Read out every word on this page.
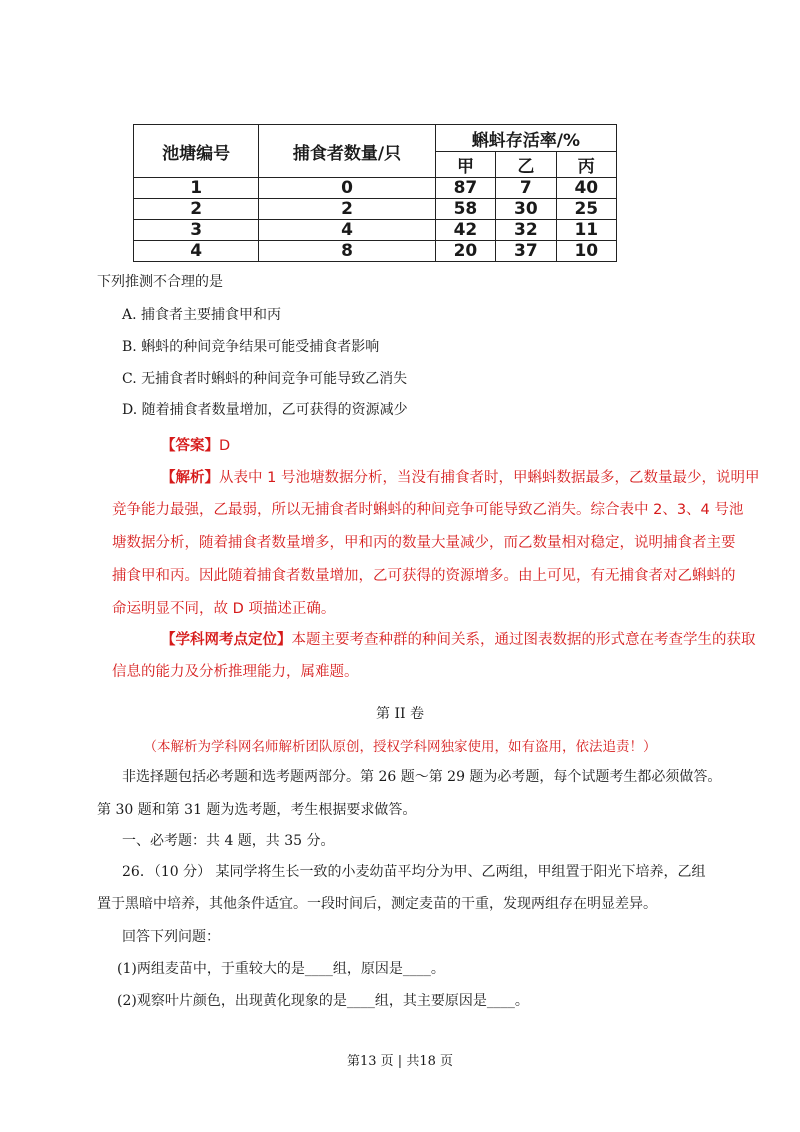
池塘编号	捕食者数量/只	蝌蚪存活率/%		
		甲	乙	丙
1	0	87	7	40
2	2	58	30	25
3	4	42	32	11
4	8	20	37	10
下列推测不合理的是
A. 捕食者主要捕食甲和丙
B. 蝌蚪的种间竞争结果可能受捕食者影响
C. 无捕食者时蝌蚪的种间竞争可能导致乙消失
D. 随着捕食者数量增加，乙可获得的资源减少
【答案】D
【解析】从表中 1 号池塘数据分析，当没有捕食者时，甲蝌蚪数据最多，乙数量最少，说明甲
竞争能力最强，乙最弱，所以无捕食者时蝌蚪的种间竞争可能导致乙消失。综合表中 2、3、4 号池
塘数据分析，随着捕食者数量增多，甲和丙的数量大量减少，而乙数量相对稳定，说明捕食者主要
捕食甲和丙。因此随着捕食者数量增加，乙可获得的资源增多。由上可见，有无捕食者对乙蝌蚪的
命运明显不同，故 D 项描述正确。
【学科网考点定位】本题主要考查种群的种间关系，通过图表数据的形式意在考查学生的获取
信息的能力及分析推理能力，属难题。
第 II 卷
（本解析为学科网名师解析团队原创，授权学科网独家使用，如有盗用，依法追责！）
非选择题包括必考题和选考题两部分。第 26 题～第 29 题为必考题，每个试题考生都必须做答。
第 30 题和第 31 题为选考题，考生根据要求做答。
一、必考题：共 4 题，共 35 分。
26．（10 分） 某同学将生长一致的小麦幼苗平均分为甲、乙两组，甲组置于阳光下培养，乙组
置于黑暗中培养，其他条件适宜。一段时间后，测定麦苗的干重，发现两组存在明显差异。
回答下列问题：
(1)两组麦苗中，于重较大的是____组，原因是____。
(2)观察叶片颜色，出现黄化现象的是____组，其主要原因是____。
第13 页 | 共18 页
